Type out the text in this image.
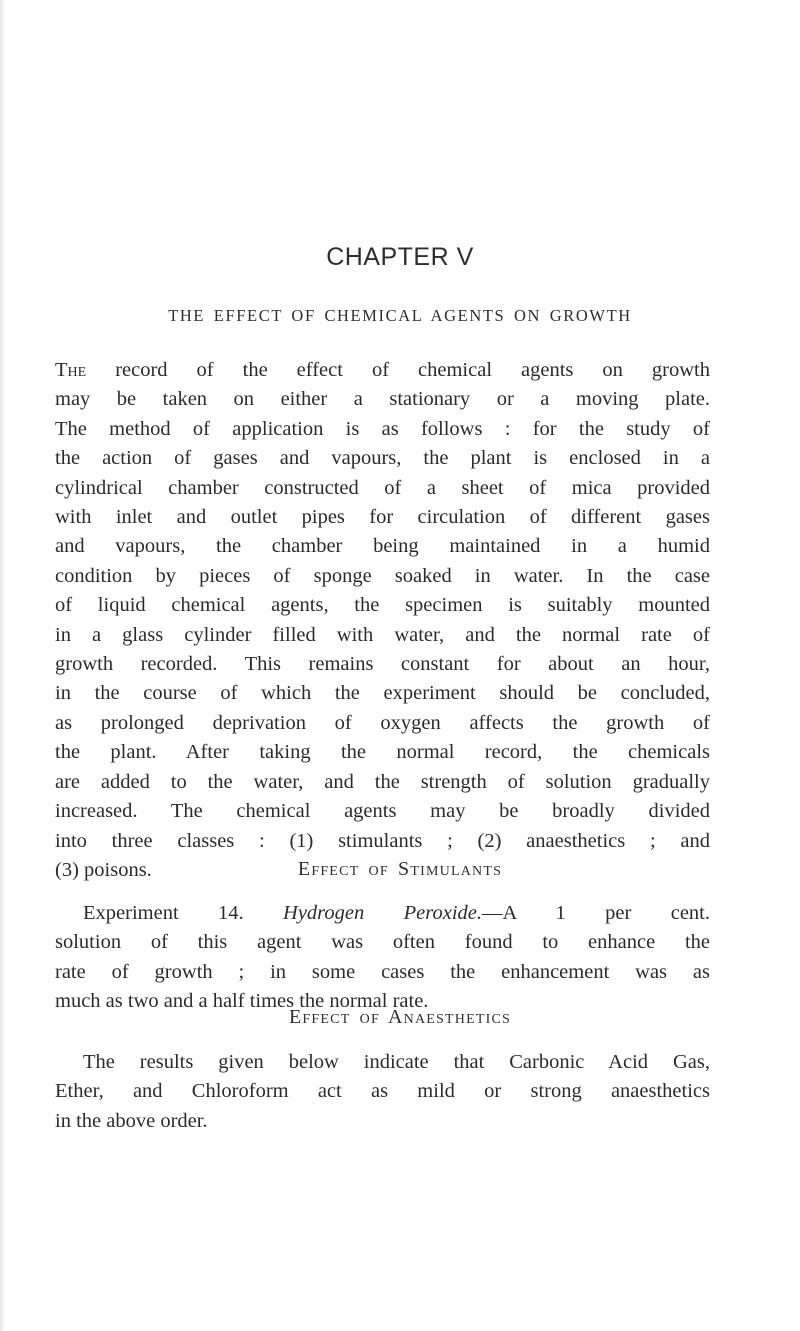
CHAPTER V
THE EFFECT OF CHEMICAL AGENTS ON GROWTH
The record of the effect of chemical agents on growth
may be taken on either a stationary or a moving plate.
The method of application is as follows : for the study of
the action of gases and vapours, the plant is enclosed in a
cylindrical chamber constructed of a sheet of mica provided
with inlet and outlet pipes for circulation of different gases
and vapours, the chamber being maintained in a humid
condition by pieces of sponge soaked in water. In the case
of liquid chemical agents, the specimen is suitably mounted
in a glass cylinder filled with water, and the normal rate of
growth recorded. This remains constant for about an hour,
in the course of which the experiment should be concluded,
as prolonged deprivation of oxygen affects the growth of
the plant. After taking the normal record, the chemicals
are added to the water, and the strength of solution gradually
increased. The chemical agents may be broadly divided
into three classes : (1) stimulants ; (2) anaesthetics ; and
(3) poisons.	Effect of Stimulants
Experiment 14. Hydrogen Peroxide.—A 1 per cent.
solution of this agent was often found to enhance the
rate of growth ; in some cases the enhancement was as
much as two and a half times the normal rate.
Effect of Anaesthetics
The results given below indicate that Carbonic Acid Gas,
Ether, and Chloroform act as mild or strong anaesthetics
in the above order.
